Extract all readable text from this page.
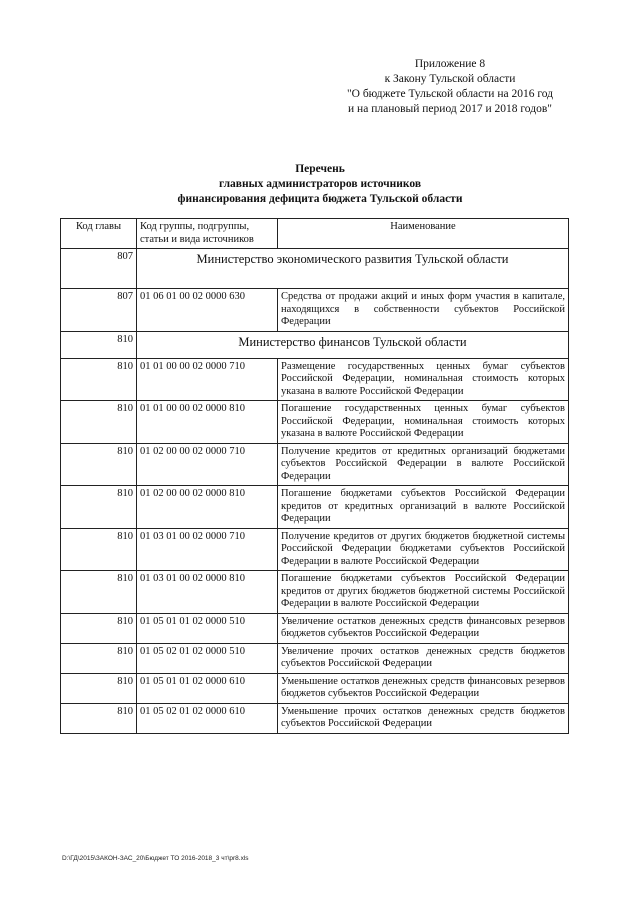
Приложение 8
к Закону Тульской области
"О бюджете Тульской области на 2016 год
и на плановый период 2017 и 2018 годов"
Перечень
главных администраторов источников
финансирования дефицита бюджета Тульской области
Код главы	Код группы, подгруппы, статьи и вида источников	Наименование
807	Министерство экономического развития Тульской области	
807	01 06 01 00 02 0000 630	Средства от продажи акций и иных форм участия в капитале, находящихся в собственности субъектов Российской Федерации
810	Министерство финансов Тульской области	
810	01 01 00 00 02 0000 710	Размещение государственных ценных бумаг субъектов Российской Федерации, номинальная стоимость которых указана в валюте Российской Федерации
810	01 01 00 00 02 0000 810	Погашение государственных ценных бумаг субъектов Российской Федерации, номинальная стоимость которых указана в валюте Российской Федерации
810	01 02 00 00 02 0000 710	Получение кредитов от кредитных организаций бюджетами субъектов Российской Федерации в валюте Российской Федерации
810	01 02 00 00 02 0000 810	Погашение бюджетами субъектов Российской Федерации кредитов от кредитных организаций в валюте Российской Федерации
810	01 03 01 00 02 0000 710	Получение кредитов от других бюджетов бюджетной системы Российской Федерации бюджетами субъектов Российской Федерации в валюте Российской Федерации
810	01 03 01 00 02 0000 810	Погашение бюджетами субъектов Российской Федерации кредитов от других бюджетов бюджетной системы Российской Федерации в валюте Российской Федерации
810	01 05 01 01 02 0000 510	Увеличение остатков денежных средств финансовых резервов бюджетов субъектов Российской Федерации
810	01 05 02 01 02 0000 510	Увеличение прочих остатков денежных средств бюджетов субъектов Российской Федерации
810	01 05 01 01 02 0000 610	Уменьшение остатков денежных средств финансовых резервов бюджетов субъектов Российской Федерации
810	01 05 02 01 02 0000 610	Уменьшение прочих остатков денежных средств бюджетов субъектов Российской Федерации
D:\ГД\2015\ЗАКОН-ЗАС_20\Бюджет ТО 2016-2018_3 чт\pr8.xls
